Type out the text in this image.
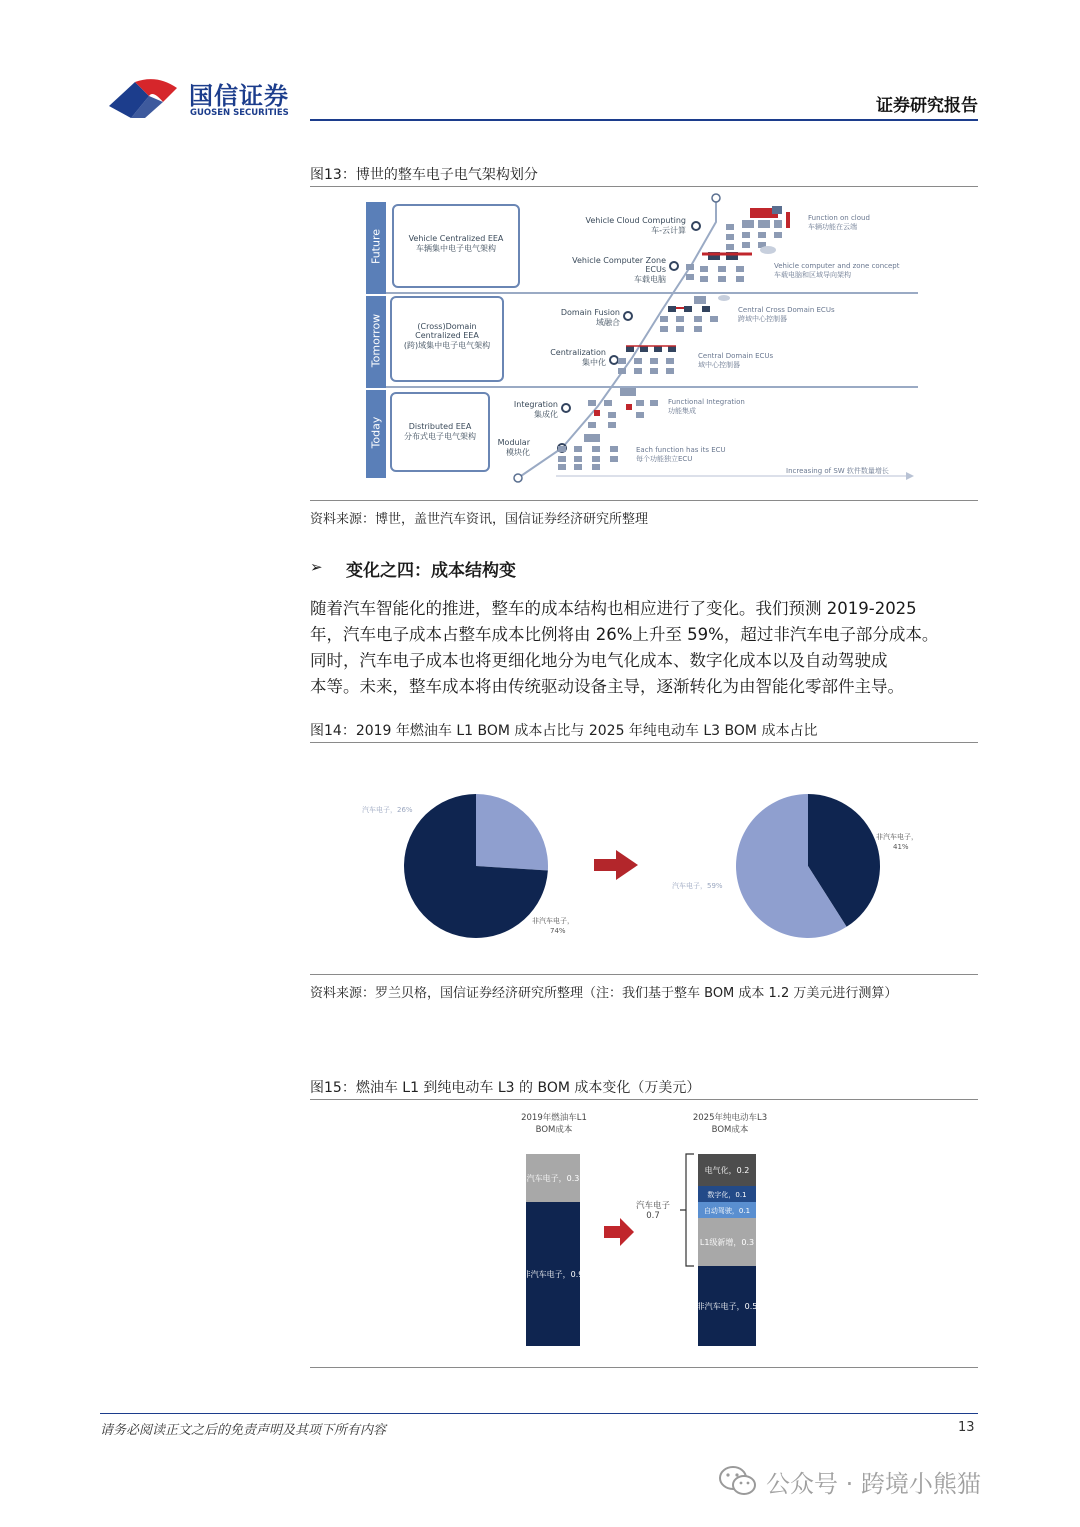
国信证券
GUOSEN SECURITIES	证券研究报告
图13：博世的整车电子电气架构划分
Future
Tomorrow
Today
Vehicle Centralized EEA
车辆集中电子电气架构
(Cross)Domain Centralized EEA
(跨)域集中电子电气架构
Distributed EEA
分布式电子电气架构
Vehicle Cloud Computing
车-云计算
Vehicle Computer Zone ECUs
车载电脑
Domain Fusion
域融合
Centralization
集中化
Integration
集成化
Modular
模块化
Function on cloud
车辆功能在云端
Vehicle computer and zone concept
车载电脑和区域导向架构
Central Cross Domain ECUs
跨域中心控制器
Central Domain ECUs
域中心控制器
Functional Integration
功能集成
Each function has its ECU
每个功能独立ECU
Increasing of SW 软件数量增长
资料来源：博世，盖世汽车资讯，国信证券经济研究所整理
➢ 变化之四：成本结构变

随着汽车智能化的推进，整车的成本结构也相应进行了变化。我们预测 2019-2025

年，汽车电子成本占整车成本比例将由 26%上升至 59%，超过非汽车电子部分成本。

同时，汽车电子成本也将更细化地分为电气化成本、数字化成本以及自动驾驶成

本等。未来，整车成本将由传统驱动设备主导，逐渐转化为由智能化零部件主导。

图14：2019 年燃油车 L1 BOM 成本占比与 2025 年纯电动车 L3 BOM 成本占比
汽车电子，26%
非汽车电子，
74%
非汽车电子，
41%
汽车电子，59%
资料来源：罗兰贝格，国信证券经济研究所整理（注：我们基于整车 BOM 成本 1.2 万美元进行测算）
图15：燃油车 L1 到纯电动车 L3 的 BOM 成本变化（万美元）
2019年燃油车L1
BOM成本
2025年纯电动车L3
BOM成本
非汽车电子，0.9
非汽车电子，0.5
汽车电子，0.3
L1级新增，0.3
自动驾驶，0.1
数字化，0.1
电气化，0.2
汽车电子
0.7
请务必阅读正文之后的免责声明及其项下所有内容	13
公众号 · 跨境小熊猫
